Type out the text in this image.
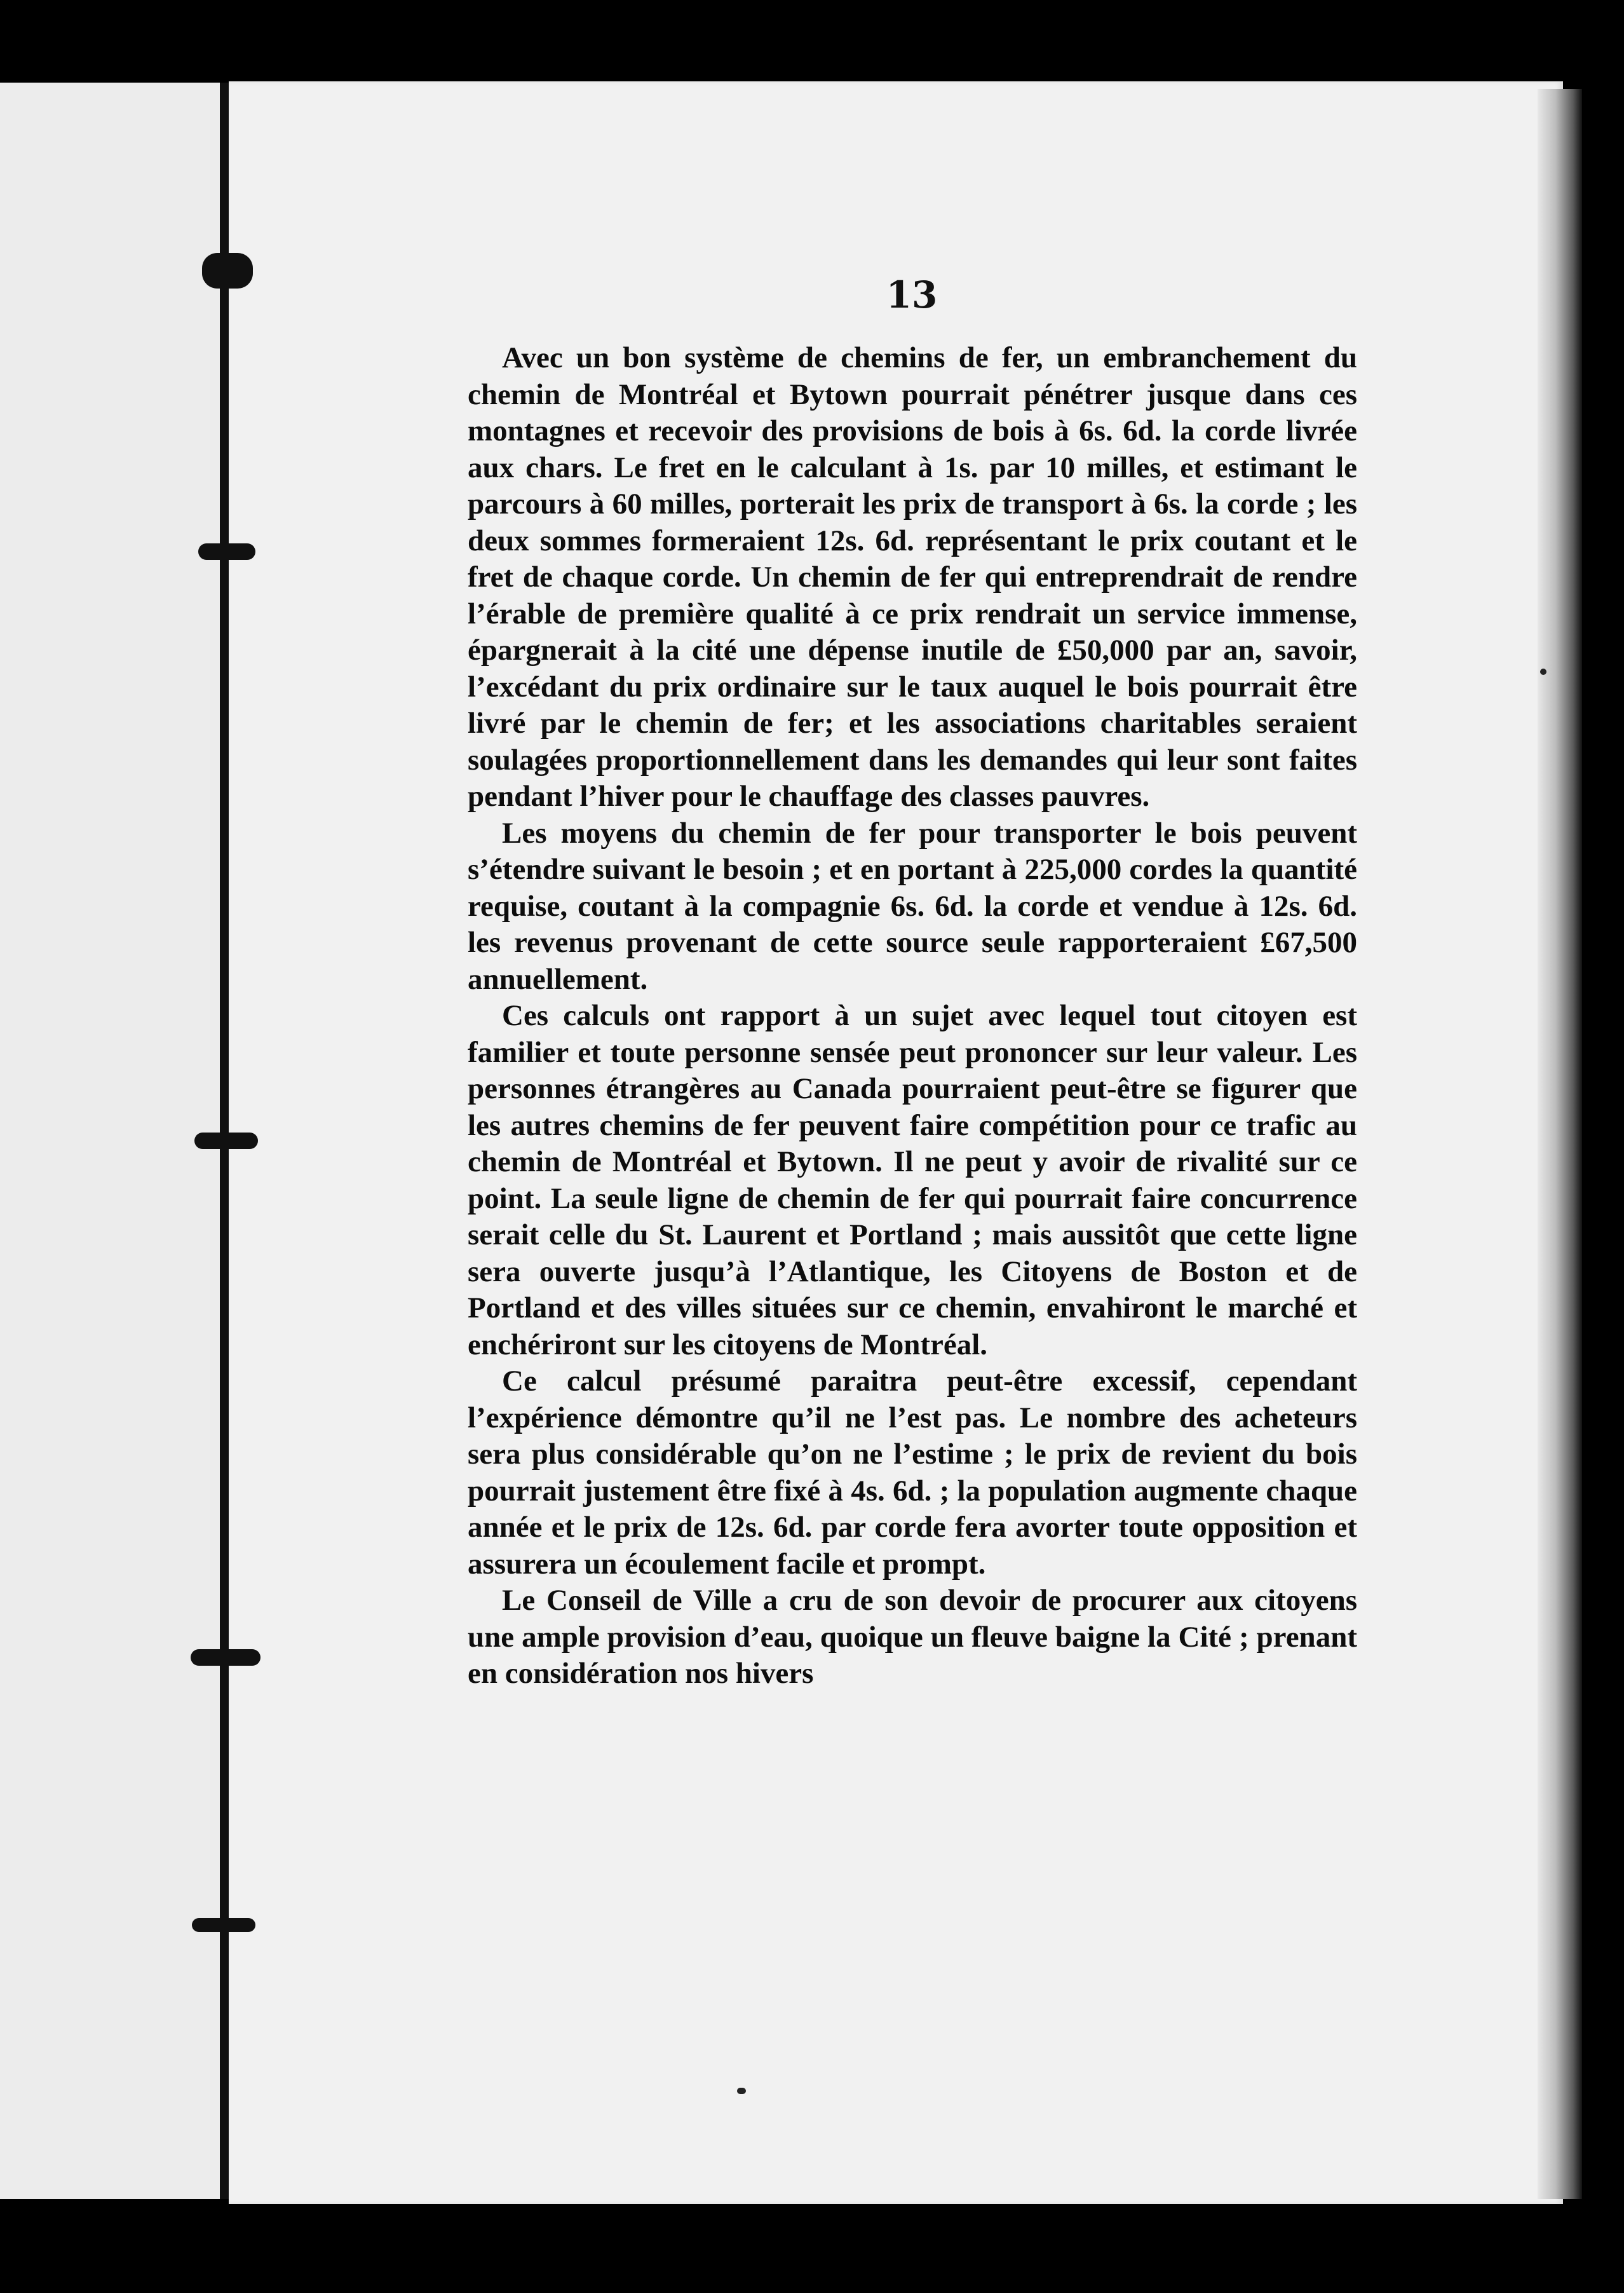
13

Avec un bon système de chemins de fer, un embranchement du chemin de Montréal et Bytown pourrait pénétrer jusque dans ces montagnes et recevoir des provisions de bois à 6s. 6d. la corde livrée aux chars. Le fret en le calculant à 1s. par 10 milles, et estimant le parcours à 60 milles, porterait les prix de transport à 6s. la corde ; les deux sommes formeraient 12s. 6d. représentant le prix coutant et le fret de chaque corde. Un chemin de fer qui entreprendrait de rendre l’érable de première qualité à ce prix rendrait un service immense, épargnerait à la cité une dépense inutile de £50,000 par an, savoir, l’excédant du prix ordinaire sur le taux auquel le bois pourrait être livré par le chemin de fer; et les associations charitables seraient soulagées proportionnellement dans les demandes qui leur sont faites pendant l’hiver pour le chauffage des classes pauvres.

Les moyens du chemin de fer pour transporter le bois peuvent s’étendre suivant le besoin ; et en portant à 225,000 cordes la quantité requise, coutant à la compagnie 6s. 6d. la corde et vendue à 12s. 6d. les revenus provenant de cette source seule rapporteraient £67,500 annuellement.

Ces calculs ont rapport à un sujet avec lequel tout citoyen est familier et toute personne sensée peut prononcer sur leur valeur. Les personnes étrangères au Canada pourraient peut-être se figurer que les autres chemins de fer peuvent faire compétition pour ce trafic au chemin de Montréal et Bytown. Il ne peut y avoir de rivalité sur ce point. La seule ligne de chemin de fer qui pourrait faire concurrence serait celle du St. Laurent et Portland ; mais aussitôt que cette ligne sera ouverte jusqu’à l’Atlantique, les Citoyens de Boston et de Portland et des villes situées sur ce chemin, envahiront le marché et enchériront sur les citoyens de Montréal.

Ce calcul présumé paraitra peut-être excessif, cependant l’expérience démontre qu’il ne l’est pas. Le nombre des acheteurs sera plus considérable qu’on ne l’estime ; le prix de revient du bois pourrait justement être fixé à 4s. 6d. ; la population augmente chaque année et le prix de 12s. 6d. par corde fera avorter toute opposition et assurera un écoulement facile et prompt.

Le Conseil de Ville a cru de son devoir de procurer aux citoyens une ample provision d’eau, quoique un fleuve baigne la Cité ; prenant en considération nos hivers
